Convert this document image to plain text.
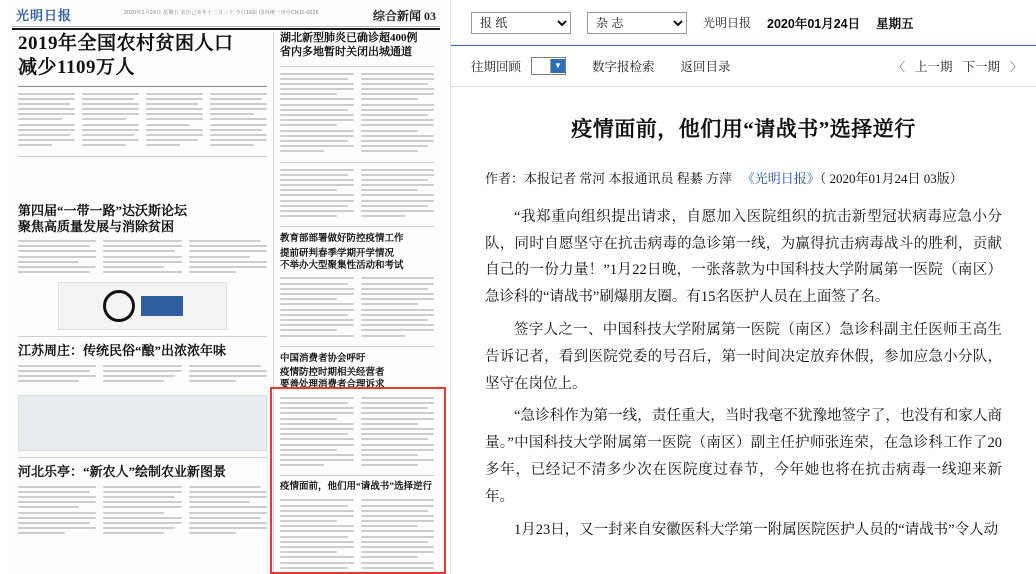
光明日报	2020年1月24日 星期五 农历己亥年十二月三十 今日16版 国内统一刊号CN11-0026	综合新闻 03
2019年全国农村贫困人口
减少1109万人
第四届“一带一路”达沃斯论坛
聚焦高质量发展与消除贫困
江苏周庄：传统民俗“酿”出浓浓年味
河北乐亭：“新农人”绘制农业新图景
湖北新型肺炎已确诊超400例
省内多地暂时关闭出城通道
教育部部署做好防控疫情工作
提前研判春季学期开学情况
不举办大型聚集性活动和考试
中国消费者协会呼吁
疫情防控时期相关经营者
要善处理消费者合理诉求
疫情面前，他们用“请战书”选择逆行
报 纸
杂 志
光明日报 2020年01月24日 星期五
往期回顾	▼ 数字报检索 返回目录	〈 上一期 下一期 〉
疫情面前，他们用“请战书”选择逆行
作者：本报记者 常河 本报通讯员 程綦 方萍 《光明日报》（ 2020年01月24日 03版）

“我郑重向组织提出请求，自愿加入医院组织的抗击新型冠状病毒应急小分队，同时自愿坚守在抗击病毒的急诊第一线，为赢得抗击病毒战斗的胜利，贡献自己的一份力量！”1月22日晚，一张落款为中国科技大学附属第一医院（南区）急诊科的“请战书”刷爆朋友圈。有15名医护人员在上面签了名。

签字人之一、中国科技大学附属第一医院（南区）急诊科副主任医师王高生告诉记者，看到医院党委的号召后，第一时间决定放弃休假，参加应急小分队，坚守在岗位上。

“急诊科作为第一线，责任重大，当时我毫不犹豫地签字了，也没有和家人商量。”中国科技大学附属第一医院（南区）副主任护师张连荣，在急诊科工作了20多年，已经记不清多少次在医院度过春节，今年她也将在抗击病毒一线迎来新年。

1月23日，又一封来自安徽医科大学第一附属医院医护人员的“请战书”令人动
